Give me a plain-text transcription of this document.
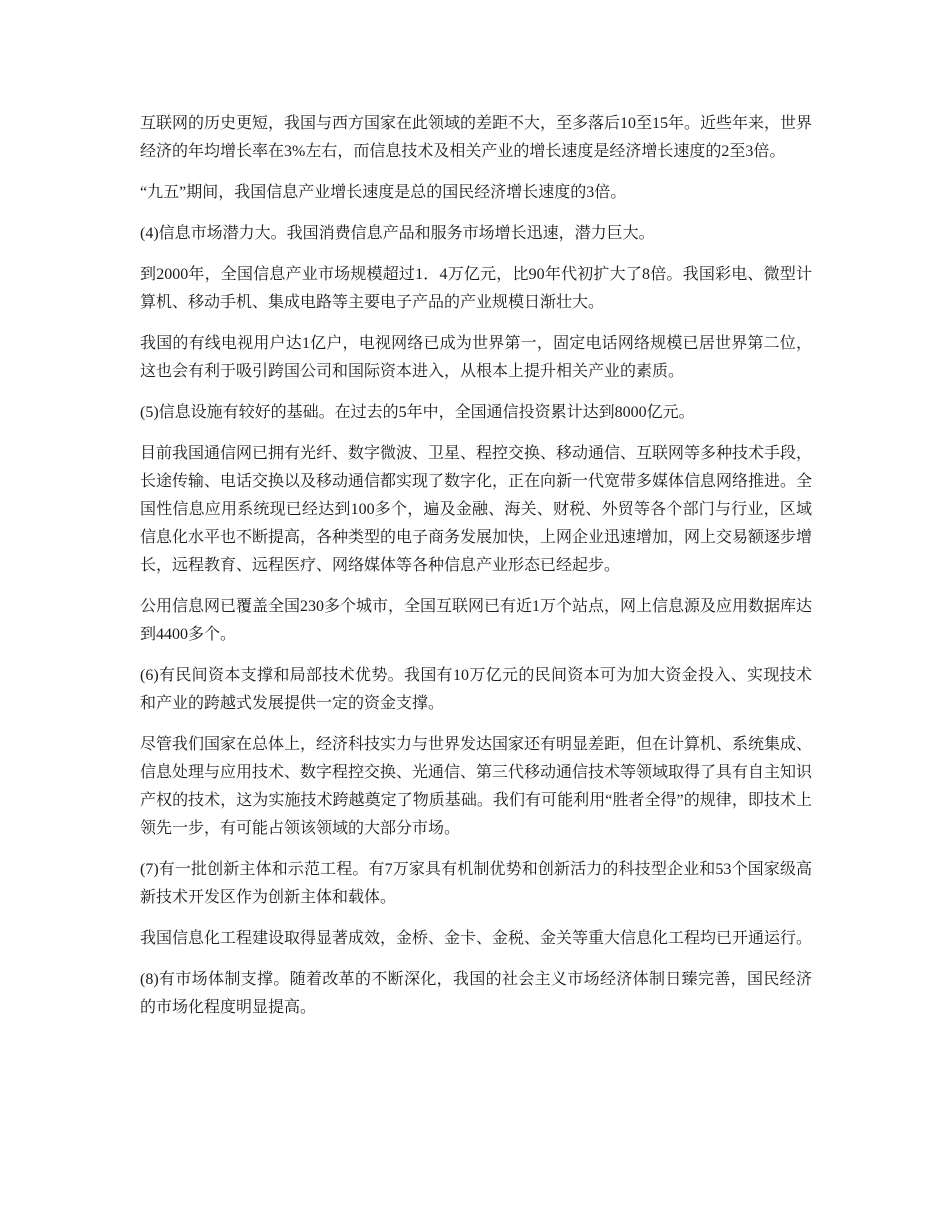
互联网的历史更短，我国与西方国家在此领域的差距不大，至多落后10至15年。近些年来，世界经济的年均增长率在3%左右，而信息技术及相关产业的增长速度是经济增长速度的2至3倍。

“九五”期间，我国信息产业增长速度是总的国民经济增长速度的3倍。

(4)信息市场潜力大。我国消费信息产品和服务市场增长迅速，潜力巨大。

到2000年，全国信息产业市场规模超过1．4万亿元，比90年代初扩大了8倍。我国彩电、微型计算机、移动手机、集成电路等主要电子产品的产业规模日渐壮大。

我国的有线电视用户达1亿户，电视网络已成为世界第一，固定电话网络规模已居世界第二位，这也会有利于吸引跨国公司和国际资本进入，从根本上提升相关产业的素质。

(5)信息设施有较好的基础。在过去的5年中，全国通信投资累计达到8000亿元。

目前我国通信网已拥有光纤、数字微波、卫星、程控交换、移动通信、互联网等多种技术手段，长途传输、电话交换以及移动通信都实现了数字化，正在向新一代宽带多媒体信息网络推进。全国性信息应用系统现已经达到100多个，遍及金融、海关、财税、外贸等各个部门与行业，区域信息化水平也不断提高，各种类型的电子商务发展加快，上网企业迅速增加，网上交易额逐步增长，远程教育、远程医疗、网络媒体等各种信息产业形态已经起步。

公用信息网已覆盖全国230多个城市，全国互联网已有近1万个站点，网上信息源及应用数据库达到4400多个。

(6)有民间资本支撑和局部技术优势。我国有10万亿元的民间资本可为加大资金投入、实现技术和产业的跨越式发展提供一定的资金支撑。

尽管我们国家在总体上，经济科技实力与世界发达国家还有明显差距，但在计算机、系统集成、信息处理与应用技术、数字程控交换、光通信、第三代移动通信技术等领域取得了具有自主知识产权的技术，这为实施技术跨越奠定了物质基础。我们有可能利用“胜者全得”的规律，即技术上领先一步，有可能占领该领域的大部分市场。

(7)有一批创新主体和示范工程。有7万家具有机制优势和创新活力的科技型企业和53个国家级高新技术开发区作为创新主体和载体。

我国信息化工程建设取得显著成效，金桥、金卡、金税、金关等重大信息化工程均已开通运行。

(8)有市场体制支撑。随着改革的不断深化，我国的社会主义市场经济体制日臻完善，国民经济的市场化程度明显提高。
